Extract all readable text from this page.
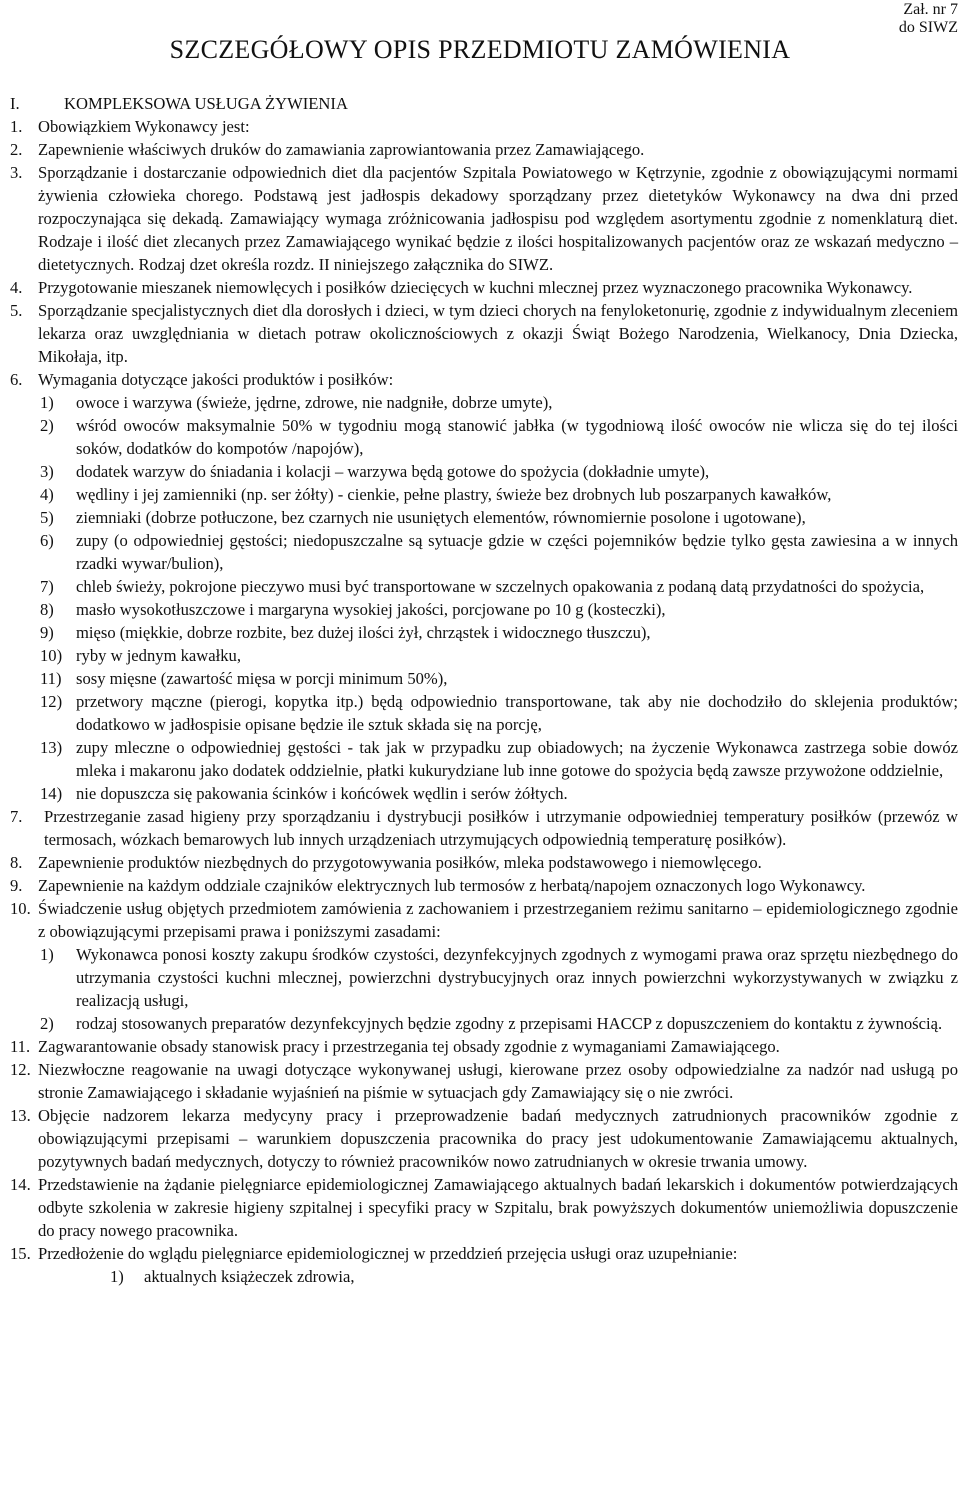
Zał. nr 7
do SIWZ
SZCZEGÓŁOWY OPIS PRZEDMIOTU ZAMÓWIENIA
I.	KOMPLEKSOWA USŁUGA ŻYWIENIA
1. Obowiązkiem Wykonawcy jest:
2. Zapewnienie właściwych druków do zamawiania zaprowiantowania przez Zamawiającego.
3. Sporządzanie i dostarczanie odpowiednich diet dla pacjentów Szpitala Powiatowego w Kętrzynie, zgodnie z obowiązującymi normami żywienia człowieka chorego. Podstawą jest jadłospis dekadowy sporządzany przez dietetyków Wykonawcy na dwa dni przed rozpoczynająca się dekadą. Zamawiający wymaga zróżnicowania jadłospisu pod względem asortymentu zgodnie z nomenklaturą diet. Rodzaje i ilość diet zlecanych przez Zamawiającego wynikać będzie z ilości hospitalizowanych pacjentów oraz ze wskazań medyczno – dietetycznych. Rodzaj dzet określa rozdz. II niniejszego załącznika do SIWZ.
4. Przygotowanie mieszanek niemowlęcych i posiłków dziecięcych w kuchni mlecznej przez wyznaczonego pracownika Wykonawcy.
5. Sporządzanie specjalistycznych diet dla dorosłych i dzieci, w tym dzieci chorych na fenyloketonurię, zgodnie z indywidualnym zleceniem lekarza oraz uwzględniania w dietach potraw okolicznościowych z okazji Świąt Bożego Narodzenia, Wielkanocy, Dnia Dziecka, Mikołaja, itp.
6. Wymagania dotyczące jakości produktów i posiłków:
1) owoce i warzywa (świeże, jędrne, zdrowe, nie nadgniłe, dobrze umyte),
2) wśród owoców maksymalnie 50% w tygodniu mogą stanowić jabłka (w tygodniową ilość owoców nie wlicza się do tej ilości soków, dodatków do kompotów /napojów),
3) dodatek warzyw do śniadania i kolacji – warzywa będą gotowe do spożycia (dokładnie umyte),
4) wędliny i jej zamienniki (np. ser żółty) - cienkie, pełne plastry, świeże bez drobnych lub poszarpanych kawałków,
5) ziemniaki (dobrze potłuczone, bez czarnych nie usuniętych elementów, równomiernie posolone i ugotowane),
6) zupy (o odpowiedniej gęstości; niedopuszczalne są sytuacje gdzie w części pojemników będzie tylko gęsta zawiesina a w innych rzadki wywar/bulion),
7) chleb świeży, pokrojone pieczywo musi być transportowane w szczelnych opakowania z podaną datą przydatności do spożycia,
8) masło wysokotłuszczowe i margaryna wysokiej jakości, porcjowane po 10 g (kosteczki),
9) mięso (miękkie, dobrze rozbite, bez dużej ilości żył, chrząstek i widocznego tłuszczu),
10) ryby w jednym kawałku,
11) sosy mięsne (zawartość mięsa w porcji minimum 50%),
12) przetwory mączne (pierogi, kopytka itp.) będą odpowiednio transportowane, tak aby nie dochodziło do sklejenia produktów; dodatkowo w jadłospisie opisane będzie ile sztuk składa się na porcję,
13) zupy mleczne o odpowiedniej gęstości - tak jak w przypadku zup obiadowych; na życzenie Wykonawca zastrzega sobie dowóz mleka i makaronu jako dodatek oddzielnie, płatki kukurydziane lub inne gotowe do spożycia będą zawsze przywożone oddzielnie,
14) nie dopuszcza się pakowania ścinków i końcówek wędlin i serów żółtych.
7. Przestrzeganie zasad higieny przy sporządzaniu i dystrybucji posiłków i utrzymanie odpowiedniej temperatury posiłków (przewóz w termosach, wózkach bemarowych lub innych urządzeniach utrzymujących odpowiednią temperaturę posiłków).
8. Zapewnienie produktów niezbędnych do przygotowywania posiłków, mleka podstawowego i niemowlęcego.
9. Zapewnienie na każdym oddziale czajników elektrycznych lub termosów z herbatą/napojem oznaczonych logo Wykonawcy.
10. Świadczenie usług objętych przedmiotem zamówienia z zachowaniem i przestrzeganiem reżimu sanitarno – epidemiologicznego zgodnie z obowiązującymi przepisami prawa i poniższymi zasadami:
1) Wykonawca ponosi koszty zakupu środków czystości, dezynfekcyjnych zgodnych z wymogami prawa oraz sprzętu niezbędnego do utrzymania czystości kuchni mlecznej, powierzchni dystrybucyjnych oraz innych powierzchni wykorzystywanych w związku z realizacją usługi,
2) rodzaj stosowanych preparatów dezynfekcyjnych będzie zgodny z przepisami HACCP z dopuszczeniem do kontaktu z żywnością.
11. Zagwarantowanie obsady stanowisk pracy i przestrzegania tej obsady zgodnie z wymaganiami Zamawiającego.
12. Niezwłoczne reagowanie na uwagi dotyczące wykonywanej usługi, kierowane przez osoby odpowiedzialne za nadzór nad usługą po stronie Zamawiającego i składanie wyjaśnień na piśmie w sytuacjach gdy Zamawiający się o nie zwróci.
13. Objęcie nadzorem lekarza medycyny pracy i przeprowadzenie badań medycznych zatrudnionych pracowników zgodnie z obowiązującymi przepisami – warunkiem dopuszczenia pracownika do pracy jest udokumentowanie Zamawiającemu aktualnych, pozytywnych badań medycznych, dotyczy to również pracowników nowo zatrudnianych w okresie trwania umowy.
14. Przedstawienie na żądanie pielęgniarce epidemiologicznej Zamawiającego aktualnych badań lekarskich i dokumentów potwierdzających odbyte szkolenia w zakresie higieny szpitalnej i specyfiki pracy w Szpitalu, brak powyższych dokumentów uniemożliwia dopuszczenie do pracy nowego pracownika.
15. Przedłożenie do wglądu pielęgniarce epidemiologicznej w przeddzień przejęcia usługi oraz uzupełnianie:
1) aktualnych książeczek zdrowia,
